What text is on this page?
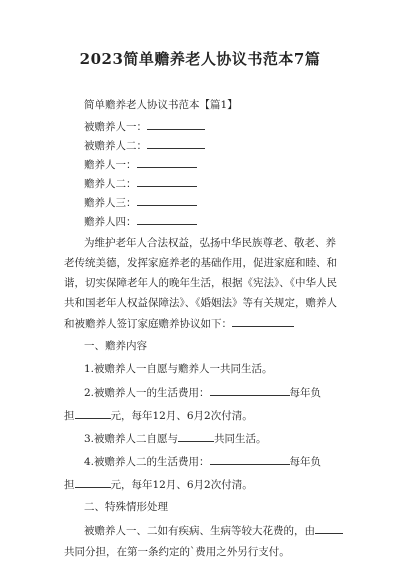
2023简单赡养老人协议书范本7篇
简单赡养老人协议书范本【篇1】
被赡养人一：
被赡养人二：
赡养人一：
赡养人二：
赡养人三：
赡养人四：
为维护老年人合法权益，弘扬中华民族尊老、敬老、养
老传统美德，发挥家庭养老的基础作用，促进家庭和睦、和
谐，切实保障老年人的晚年生活，根据《宪法》、《中华人民
共和国老年人权益保障法》、《婚姻法》等有关规定，赡养人
和被赡养人签订家庭赡养协议如下：
一、赡养内容
1.被赡养人一自愿与赡养人一共同生活。
2.被赡养人一的生活费用：	每年负
担	元，每年12月、6月2次付清。
3.被赡养人二自愿与	共同生活。
4.被赡养人二的生活费用：	每年负
担	元，每年12月、6月2次付清。
二、特殊情形处理
被赡养人一、二如有疾病、生病等较大花费的，由
共同分担，在第一条约定的`费用之外另行支付。
